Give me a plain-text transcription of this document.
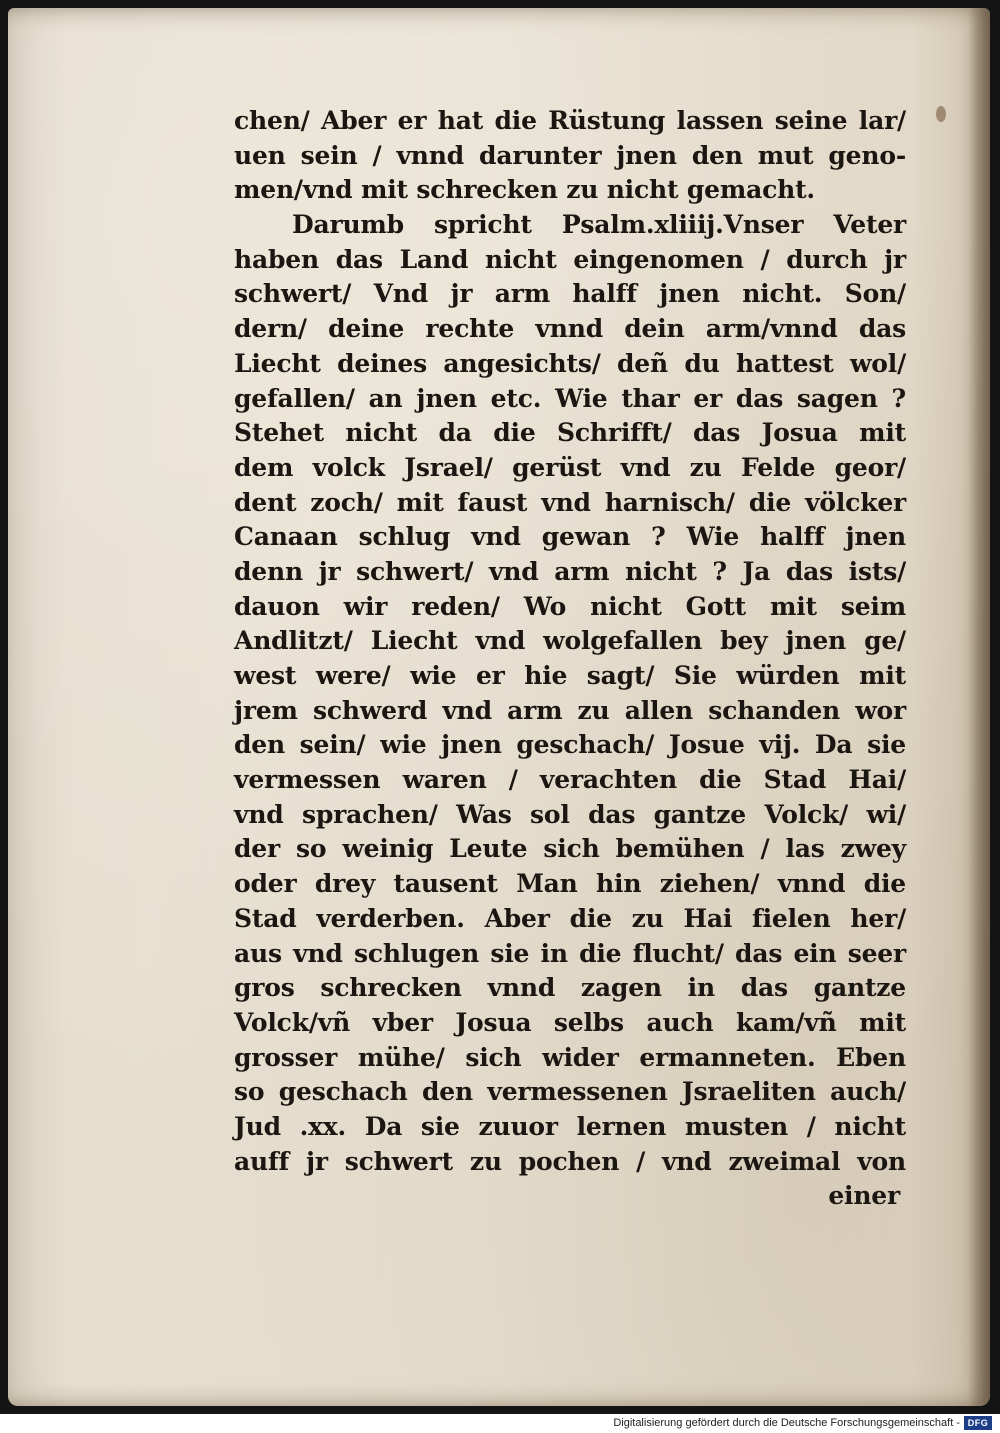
chen/ Aber er hat die Rüstung lassen seine lar/
uen sein / vnnd darunter jnen den mut geno-
men/vnd mit schrecken zu nicht gemacht.
Darumb spricht Psalm.xliiij.Vnser Veter
haben das Land nicht eingenomen / durch jr
schwert/ Vnd jr arm halff jnen nicht. Son/
dern/ deine rechte vnnd dein arm/vnnd das
Liecht deines angesichts/ deñ du hattest wol/
gefallen/ an jnen etc. Wie thar er das sagen ?
Stehet nicht da die Schrifft/ das Josua mit
dem volck Jsrael/ gerüst vnd zu Felde geor/
dent zoch/ mit faust vnd harnisch/ die völcker
Canaan schlug vnd gewan ? Wie halff jnen
denn jr schwert/ vnd arm nicht ? Ja das ists/
dauon wir reden/ Wo nicht Gott mit seim
Andlitzt/ Liecht vnd wolgefallen bey jnen ge/
west were/ wie er hie sagt/ Sie würden mit
jrem schwerd vnd arm zu allen schanden wor
den sein/ wie jnen geschach/ Josue vij. Da sie
vermessen waren / verachten die Stad Hai/
vnd sprachen/ Was sol das gantze Volck/ wi/
der so weinig Leute sich bemühen / las zwey
oder drey tausent Man hin ziehen/ vnnd die
Stad verderben. Aber die zu Hai fielen her/
aus vnd schlugen sie in die flucht/ das ein seer
gros schrecken vnnd zagen in das gantze
Volck/vñ vber Josua selbs auch kam/vñ mit
grosser mühe/ sich wider ermanneten. Eben
so geschach den vermessenen Jsraeliten auch/
Jud .xx. Da sie zuuor lernen musten / nicht
auff jr schwert zu pochen / vnd zweimal von
einer
Digitalisierung gefördert durch die Deutsche Forschungsgemeinschaft - DFG
